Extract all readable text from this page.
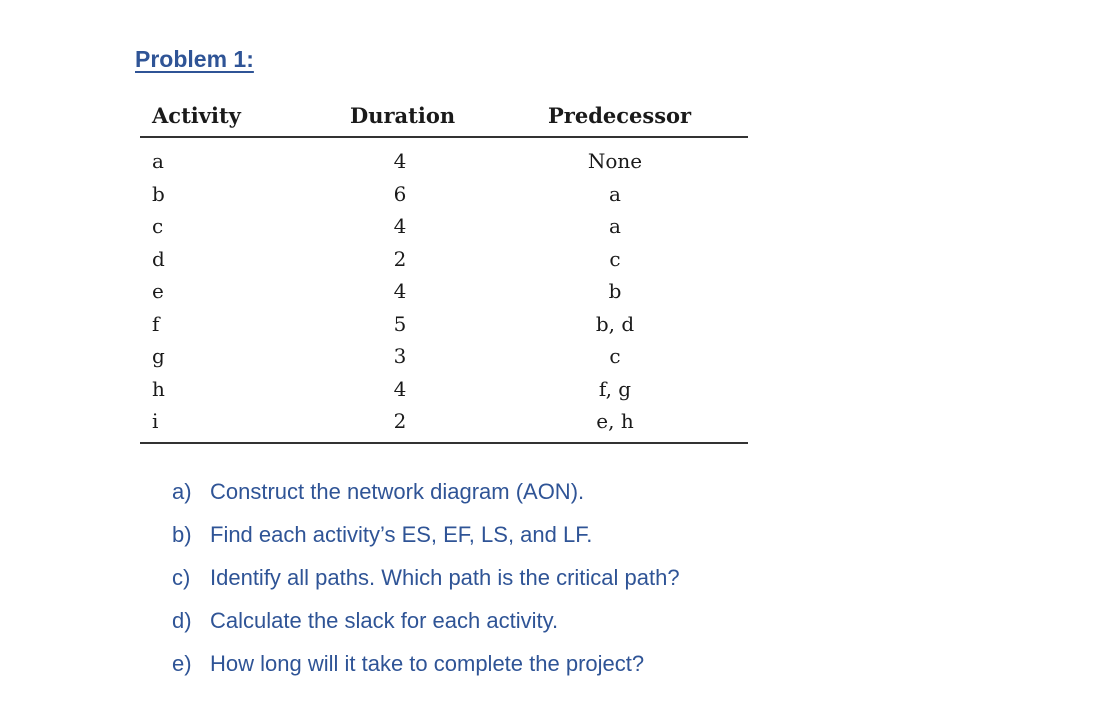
Problem 1:
Activity	Duration	Predecessor
a
b
c
d
e
f
g
h
i
4
6
4
2
4
5
3
4
2
None
a
a
c
b
b, d
c
f, g
e, h
a) Construct the network diagram (AON).
b) Find each activity’s ES, EF, LS, and LF.
c) Identify all paths. Which path is the critical path?
d) Calculate the slack for each activity.
e) How long will it take to complete the project?
